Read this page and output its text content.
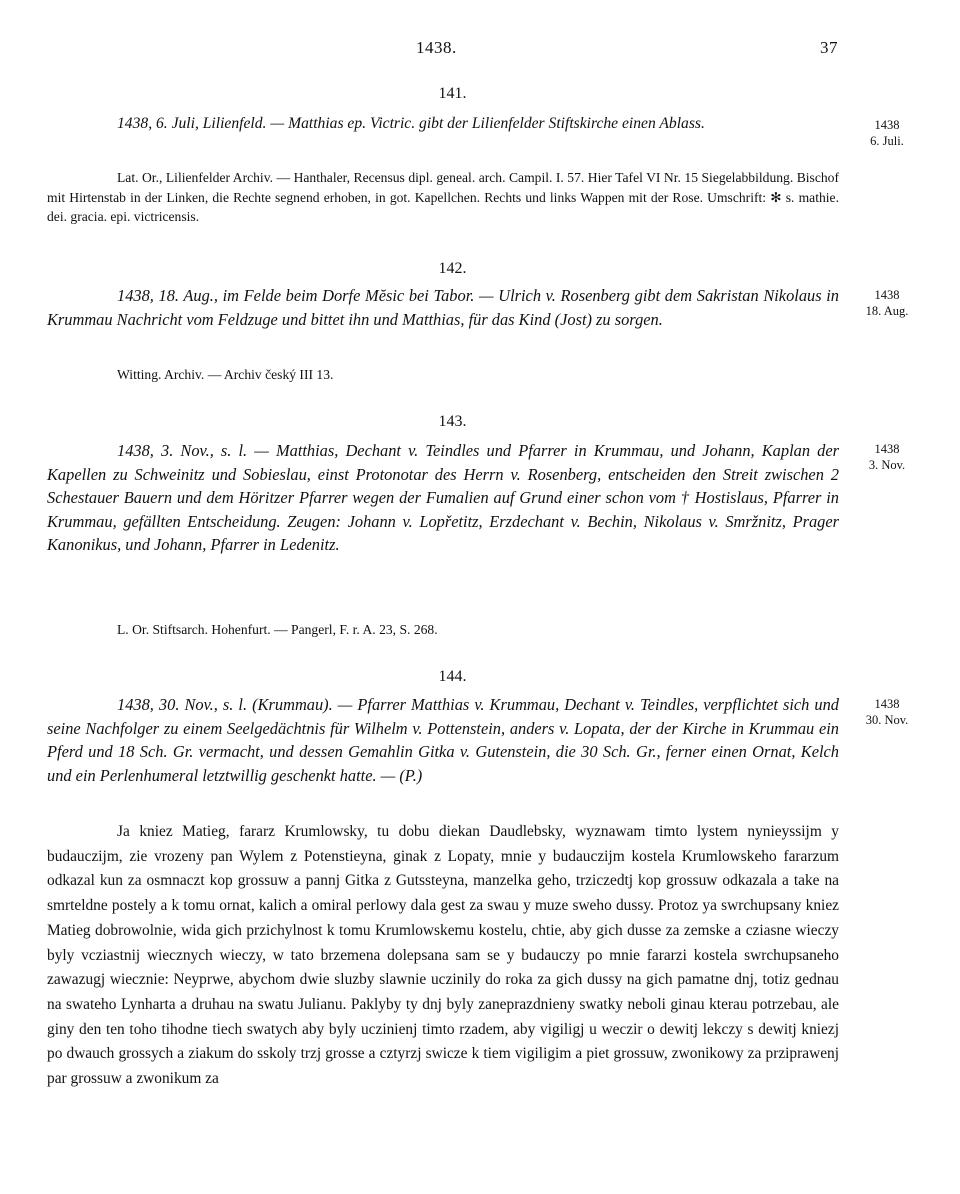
1438.	37
141.

1438, 6. Juli, Lilienfeld. — Matthias ep. Victric. gibt der Lilienfelder Stiftskirche einen Ablass.	1438
6. Juli.

Lat. Or., Lilienfelder Archiv. — Hanthaler, Recensus dipl. geneal. arch. Campil. I. 57. Hier Tafel VI Nr. 15 Siegelabbildung. Bischof mit Hirtenstab in der Linken, die Rechte segnend erhoben, in got. Kapellchen. Rechts und links Wappen mit der Rose. Umschrift: ✻ s. mathie. dei. gracia. epi. victricensis.

142.

1438, 18. Aug., im Felde beim Dorfe Mĕsic bei Tabor. — Ulrich v. Rosenberg gibt dem Sakristan Nikolaus in Krummau Nachricht vom Feldzuge und bittet ihn und Matthias, für das Kind (Jost) zu sorgen.

1438
18. Aug.

Witting. Archiv. — Archiv český III 13.

143.

1438, 3. Nov., s. l. — Matthias, Dechant v. Teindles und Pfarrer in Krummau, und Johann, Kaplan der Kapellen zu Schweinitz und Sobieslau, einst Protonotar des Herrn v. Rosenberg, entscheiden den Streit zwischen 2 Schestauer Bauern und dem Höritzer Pfarrer wegen der Fumalien auf Grund einer schon vom † Hostislaus, Pfarrer in Krummau, gefällten Entscheidung. Zeugen: Johann v. Lopřetitz, Erzdechant v. Bechin, Nikolaus v. Smržnitz, Prager Kanonikus, und Johann, Pfarrer in Ledenitz.

1438
3. Nov.

L. Or. Stiftsarch. Hohenfurt. — Pangerl, F. r. A. 23, S. 268.

144.

1438, 30. Nov., s. l. (Krummau). — Pfarrer Matthias v. Krummau, Dechant v. Teindles, verpflichtet sich und seine Nachfolger zu einem Seelgedächtnis für Wilhelm v. Pottenstein, anders v. Lopata, der der Kirche in Krummau ein Pferd und 18 Sch. Gr. vermacht, und dessen Gemahlin Gitka v. Gutenstein, die 30 Sch. Gr., ferner einen Ornat, Kelch und ein Perlenhumeral letztwillig geschenkt hatte. — (P.)

1438
30. Nov.

Ja kniez Matieg, fararz Krumlowsky, tu dobu diekan Daudlebsky, wyznawam timto lystem nynieyssijm y budauczijm, zie vrozeny pan Wylem z Potenstieyna, ginak z Lopaty, mnie y budauczijm kostela Krumlowskeho fararzum odkazal kun za osmnaczt kop grossuw a pannj Gitka z Gutssteyna, manzelka geho, trziczedtj kop grossuw odkazala a take na smrteldne postely a k tomu ornat, kalich a omiral perlowy dala gest za swau y muze sweho dussy. Protoz ya swrchupsany kniez Matieg dobrowolnie, wida gich przichylnost k tomu Krumlowskemu kostelu, chtie, aby gich dusse za zemske a cziasne wieczy byly vcziastnij wiecznych wieczy, w tato brzemena dolepsana sam se y budauczy po mnie fararzi kostela swrchupsaneho zawazugj wiecznie: Neyprwe, abychom dwie sluzby slawnie uczinily do roka za gich dussy na gich pamatne dnj, totiz gednau na swateho Lynharta a druhau na swatu Julianu. Paklyby ty dnj byly zaneprazdnieny swatky neboli ginau kterau potrzebau, ale giny den ten toho tihodne tiech swatych aby byly uczinienj timto rzadem, aby vigiligj u weczir o dewitj lekczy s dewitj kniezj po dwauch grossych a ziakum do sskoly trzj grosse a cztyrzj swicze k tiem vigiligim a piet grossuw, zwonikowy za prziprawenj par grossuw a zwonikum za
